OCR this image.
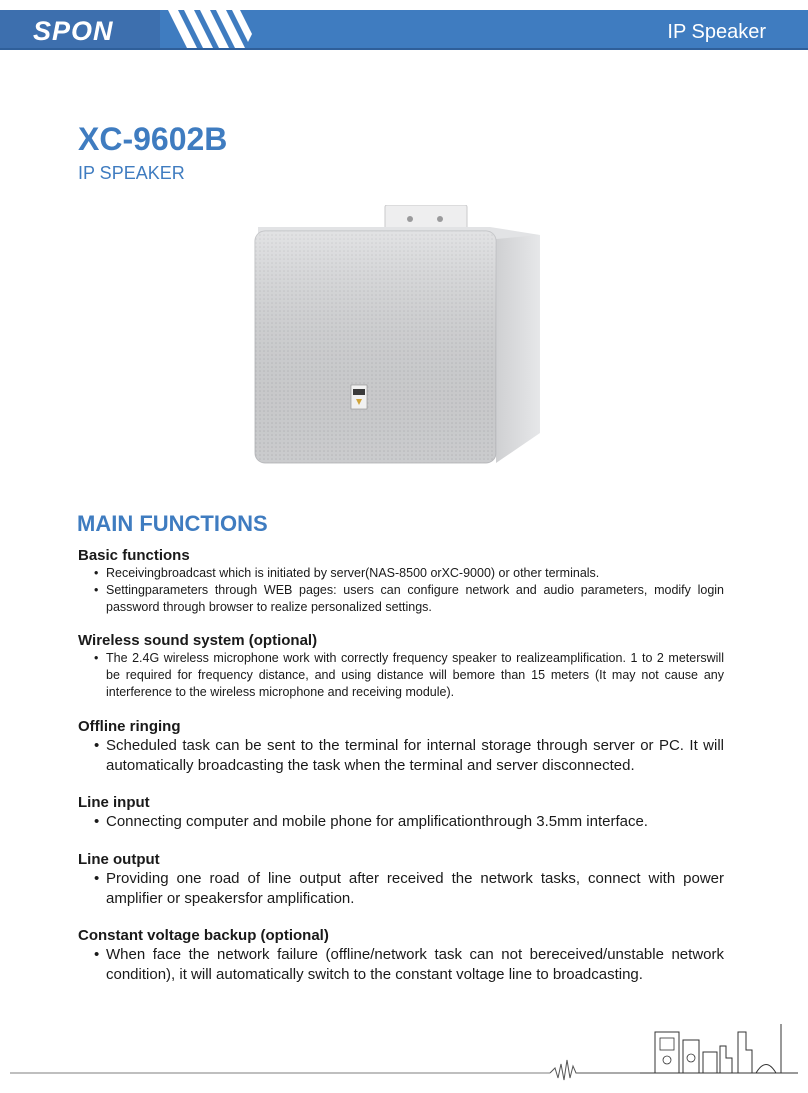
SPON	IP Speaker
XC-9602B
IP SPEAKER
MAIN FUNCTIONS
Basic functions
• Receivingbroadcast which is initiated by server(NAS-8500 orXC-9000) or other terminals.
• Settingparameters through WEB pages: users can configure network and audio parameters, modify login password through browser to realize personalized settings.
Wireless sound system (optional)
• The 2.4G wireless microphone work with correctly frequency speaker to realizeamplification. 1 to 2 meterswill be required for frequency distance, and using distance will bemore than 15 meters (It may not cause any interference to the wireless microphone and receiving module).
Offline ringing
• Scheduled task can be sent to the terminal for internal storage through server or PC. It will automatically broadcasting the task when the terminal and server disconnected.
Line input
• Connecting computer and mobile phone for amplificationthrough 3.5mm interface.
Line output
• Providing one road of line output after received the network tasks, connect with power amplifier or speakersfor amplification.
Constant voltage backup (optional)
• When face the network failure (offline/network task can not bereceived/unstable network condition), it will automatically switch to the constant voltage line to broadcasting.
